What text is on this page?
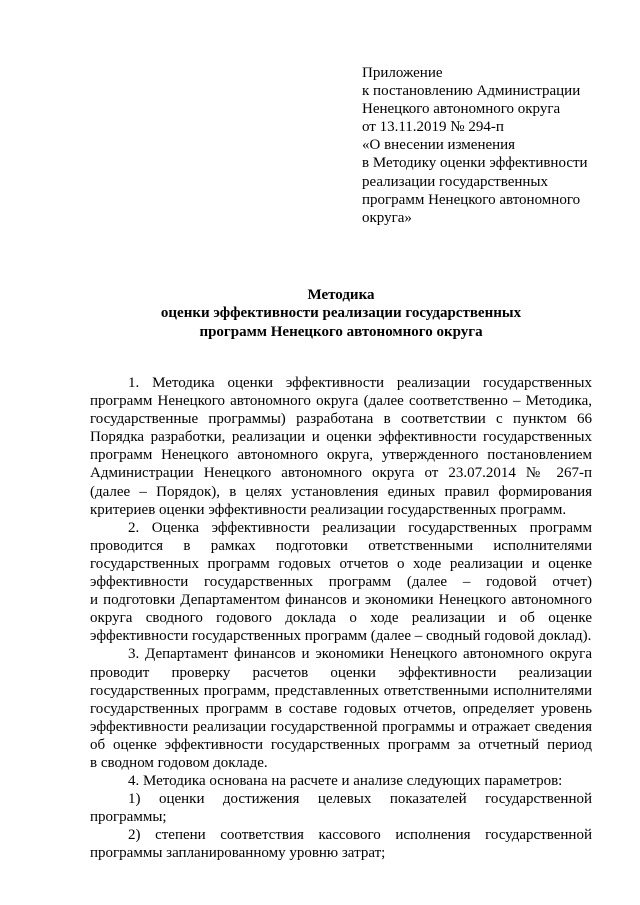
Приложение
к постановлению Администрации
Ненецкого автономного округа
от 13.11.2019 № 294-п
«О внесении изменения
в Методику оценки эффективности
реализации государственных
программ Ненецкого автономного
округа»
Методика
оценки эффективности реализации государственных
программ Ненецкого автономного округа
1. Методика оценки эффективности реализации государственных
программ Ненецкого автономного округа (далее соответственно – Методика,
государственные программы) разработана в соответствии с пунктом 66
Порядка разработки, реализации и оценки эффективности государственных
программ Ненецкого автономного округа, утвержденного постановлением
Администрации Ненецкого автономного округа от 23.07.2014 № 267-п
(далее – Порядок), в целях установления единых правил формирования
критериев оценки эффективности реализации государственных программ.
2. Оценка эффективности реализации государственных программ
проводится в рамках подготовки ответственными исполнителями
государственных программ годовых отчетов о ходе реализации и оценке
эффективности государственных программ (далее – годовой отчет)
и подготовки Департаментом финансов и экономики Ненецкого автономного
округа сводного годового доклада о ходе реализации и об оценке
эффективности государственных программ (далее – сводный годовой доклад).
3. Департамент финансов и экономики Ненецкого автономного округа
проводит проверку расчетов оценки эффективности реализации
государственных программ, представленных ответственными исполнителями
государственных программ в составе годовых отчетов, определяет уровень
эффективности реализации государственной программы и отражает сведения
об оценке эффективности государственных программ за отчетный период
в сводном годовом докладе.
4. Методика основана на расчете и анализе следующих параметров:
1) оценки достижения целевых показателей государственной
программы;
2) степени соответствия кассового исполнения государственной
программы запланированному уровню затрат;
